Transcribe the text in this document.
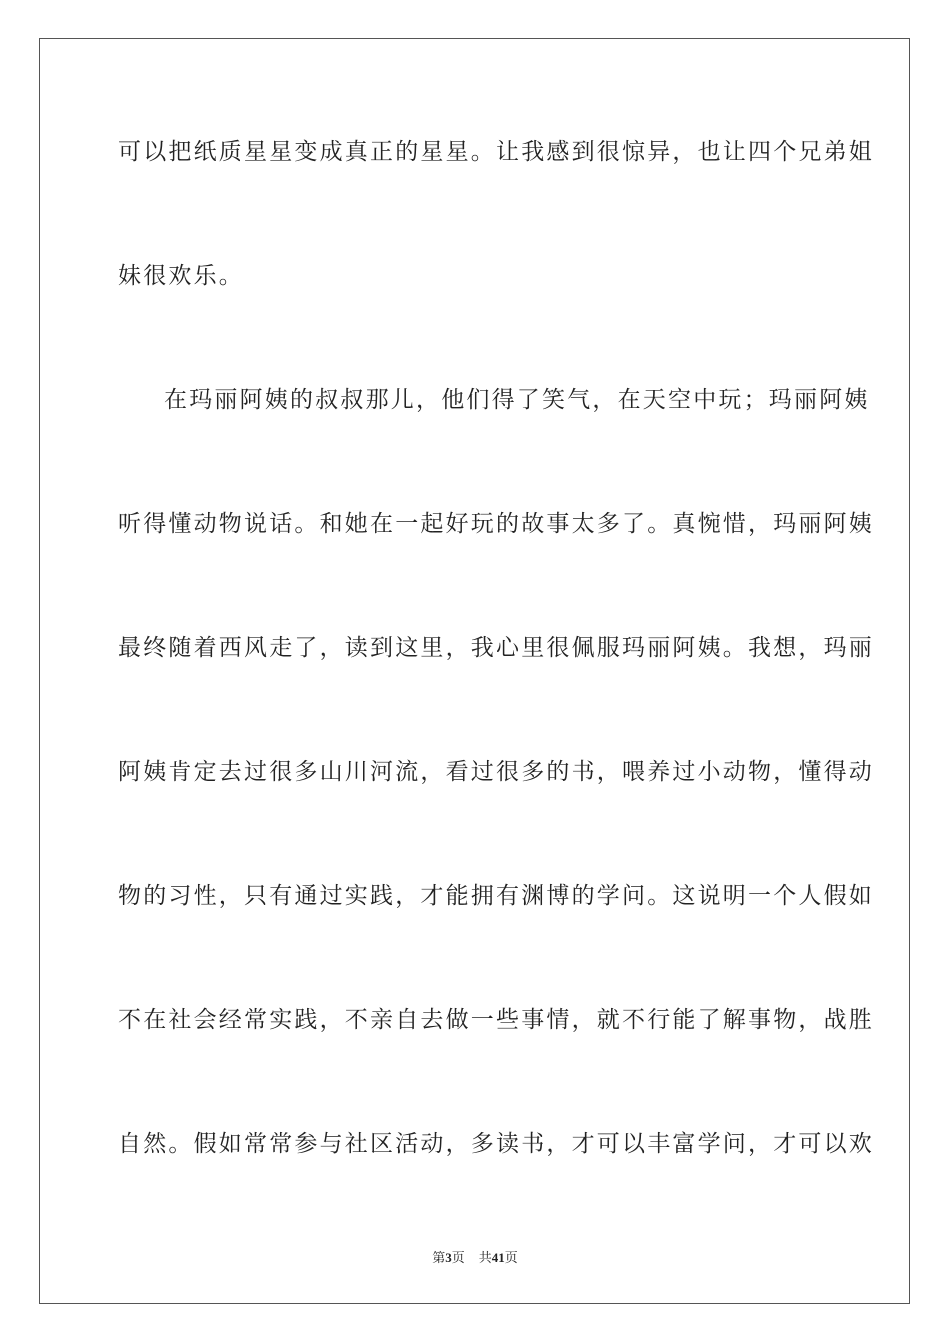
可以把纸质星星变成真正的星星。让我感到很惊异，也让四个兄弟姐
妹很欢乐。
在玛丽阿姨的叔叔那儿，他们得了笑气，在天空中玩；玛丽阿姨
听得懂动物说话。和她在一起好玩的故事太多了。真惋惜，玛丽阿姨
最终随着西风走了，读到这里，我心里很佩服玛丽阿姨。我想，玛丽
阿姨肯定去过很多山川河流，看过很多的书，喂养过小动物，懂得动
物的习性，只有通过实践，才能拥有渊博的学问。这说明一个人假如
不在社会经常实践，不亲自去做一些事情，就不行能了解事物，战胜
自然。假如常常参与社区活动，多读书，才可以丰富学问，才可以欢
第3页 共41页
